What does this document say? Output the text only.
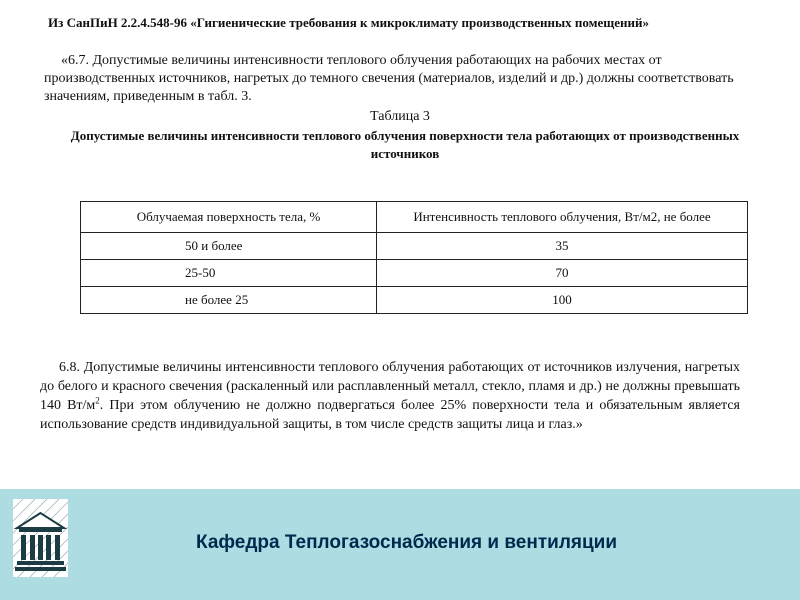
Из СанПиН 2.2.4.548-96 «Гигиенические требования к микроклимату производственных помещений»
«6.7. Допустимые величины интенсивности теплового облучения работающих на рабочих местах от производственных источников, нагретых до темного свечения (материалов, изделий и др.) должны соответствовать значениям, приведенным в табл. 3.
Таблица 3
Допустимые величины интенсивности теплового облучения поверхности тела работающих от производственных источников
Облучаемая поверхность тела, %	Интенсивность теплового облучения, Вт/м2, не более
50 и более	35
25-50	70
не более 25	100
6.8. Допустимые величины интенсивности теплового облучения работающих от источников излучения, нагретых до белого и красного свечения (раскаленный или расплавленный металл, стекло, пламя и др.) не должны превышать 140 $Вт/м^2$. При этом облучению не должно подвергаться более 25% поверхности тела и обязательным является использование средств индивидуальной защиты, в том числе средств защиты лица и глаз.»
Кафедра Теплогазоснабжения и вентиляции
